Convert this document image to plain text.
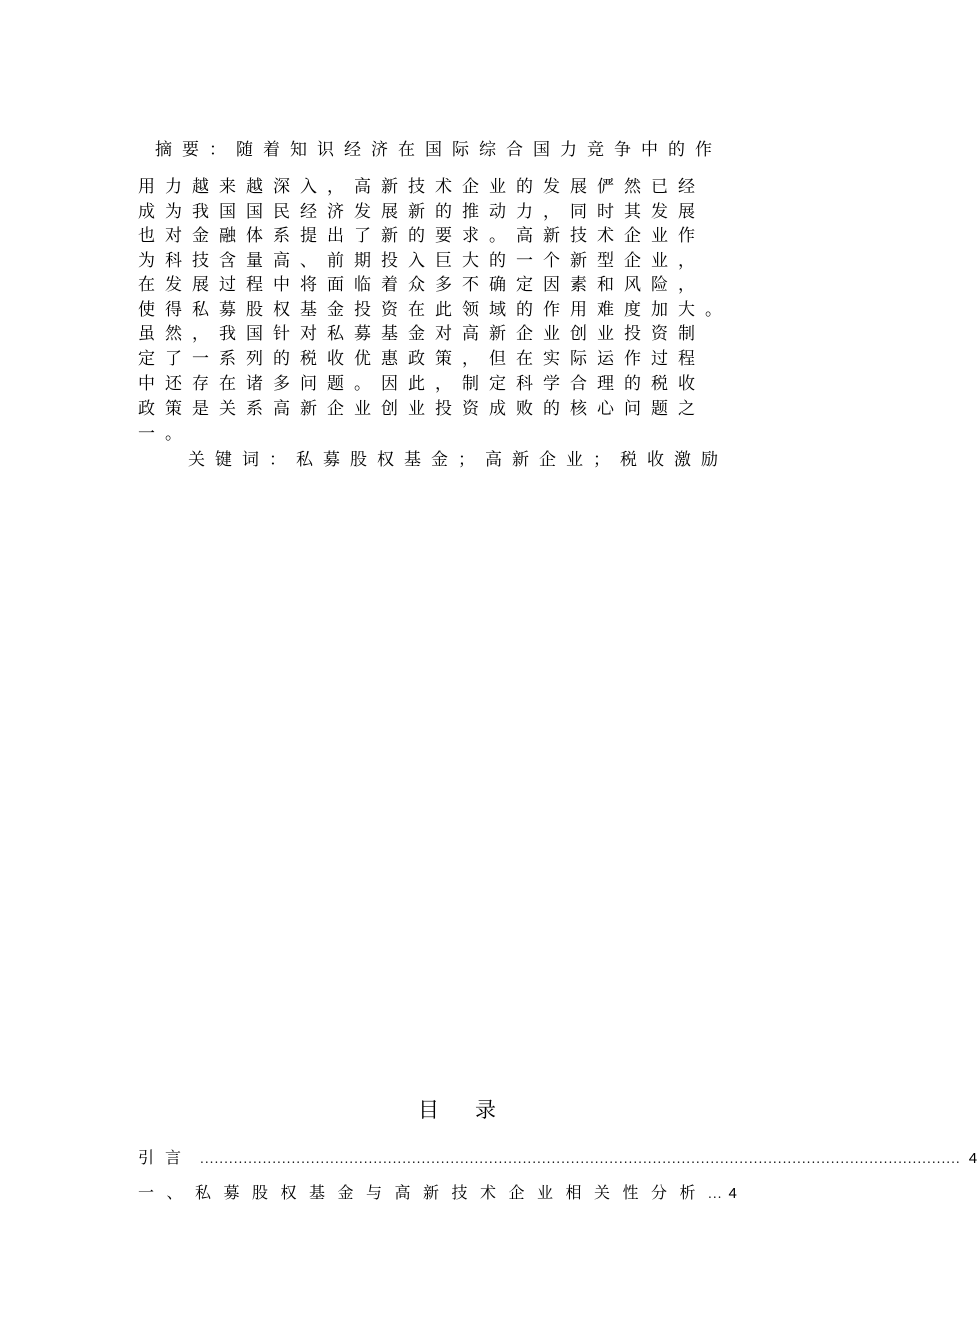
摘要：随着知识经济在国际综合国力竞争中的作
用力越来越深入，高新技术企业的发展俨然已经
成为我国国民经济发展新的推动力，同时其发展
也对金融体系提出了新的要求。高新技术企业作
为科技含量高、前期投入巨大的一个新型企业，
在发展过程中将面临着众多不确定因素和风险，
使得私募股权基金投资在此领域的作用难度加大。
虽然，我国针对私募基金对高新企业创业投资制
定了一系列的税收优惠政策，但在实际运作过程
中还存在诸多问题。因此，制定科学合理的税收
政策是关系高新企业创业投资成败的核心问题之
一。
关键词：私募股权基金；高新企业；税收激励
目录
引言 .............................................................................................................................................................. 4
一、私募股权基金与高新技术企业相关性分析 ... 4
